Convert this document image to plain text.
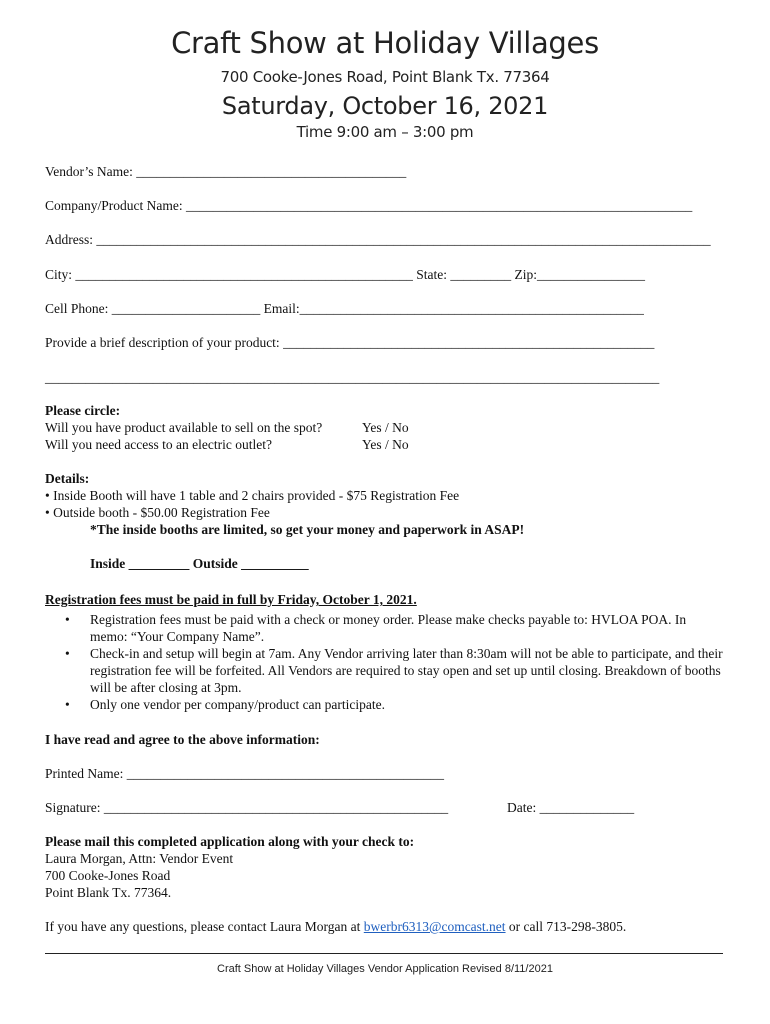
Craft Show at Holiday Villages
700 Cooke-Jones Road, Point Blank Tx. 77364
Saturday, October 16, 2021
Time 9:00 am – 3:00 pm
Vendor’s Name: ________________________________________
Company/Product Name: ___________________________________________________________________________
Address: ___________________________________________________________________________________________
City: __________________________________________________ State: _________ Zip:________________
Cell Phone: ______________________ Email:___________________________________________________
Provide a brief description of your product: _______________________________________________________
___________________________________________________________________________________________
Please circle:
Will you have product available to sell on the spot?	Yes / No
Will you need access to an electric outlet?	Yes / No
Details:
• Inside Booth will have 1 table and 2 chairs provided - $75 Registration Fee
• Outside booth - $50.00 Registration Fee
*The inside booths are limited, so get your money and paperwork in ASAP!
Inside _________ Outside __________
Registration fees must be paid in full by Friday, October 1, 2021.
• Registration fees must be paid with a check or money order. Please make checks payable to: HVLOA POA. In memo: “Your Company Name”.
• Check-in and setup will begin at 7am. Any Vendor arriving later than 8:30am will not be able to participate, and their registration fee will be forfeited. All Vendors are required to stay open and set up until closing. Breakdown of booths will be after closing at 3pm.
• Only one vendor per company/product can participate.
I have read and agree to the above information:
Printed Name: _______________________________________________
Signature: ___________________________________________________	Date: ______________
Please mail this completed application along with your check to:
Laura Morgan, Attn: Vendor Event
700 Cooke-Jones Road
Point Blank Tx. 77364.
If you have any questions, please contact Laura Morgan at bwerbr6313@comcast.net or call 713-298-3805.
Craft Show at Holiday Villages Vendor Application Revised 8/11/2021
